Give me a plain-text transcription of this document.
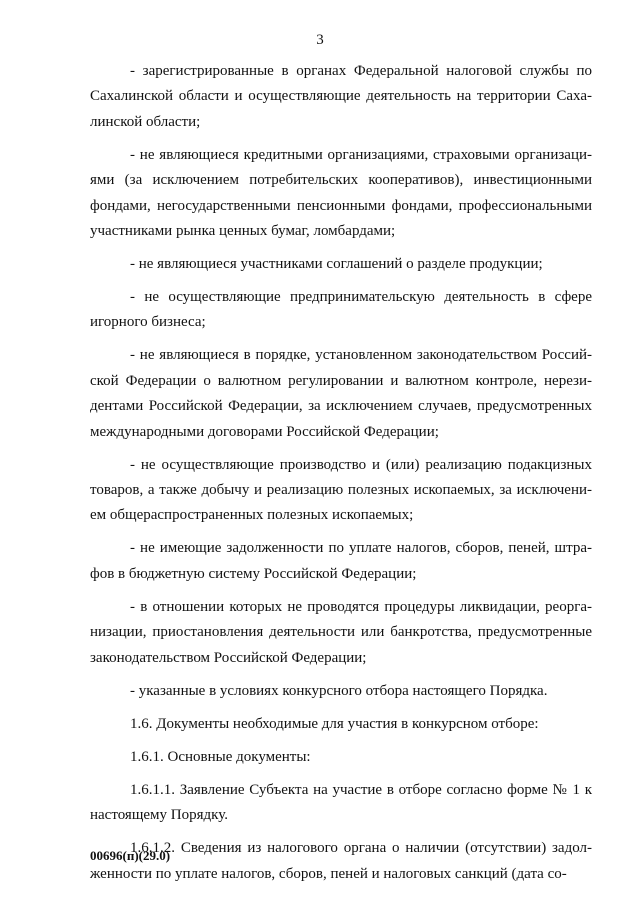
3
- зарегистрированные в органах Федеральной налоговой службы по
Сахалинской области и осуществляющие деятельность на территории Саха-
линской области;
- не являющиеся кредитными организациями, страховыми организаци-
ями (за исключением потребительских кооперативов), инвестиционными
фондами, негосударственными пенсионными фондами, профессиональными
участниками рынка ценных бумаг, ломбардами;
- не являющиеся участниками соглашений о разделе продукции;
- не осуществляющие предпринимательскую деятельность в сфере
игорного бизнеса;
- не являющиеся в порядке, установленном законодательством Россий-
ской Федерации о валютном регулировании и валютном контроле, нерези-
дентами Российской Федерации, за исключением случаев, предусмотренных
международными договорами Российской Федерации;
- не осуществляющие производство и (или) реализацию подакцизных
товаров, а также добычу и реализацию полезных ископаемых, за исключени-
ем общераспространенных полезных ископаемых;
- не имеющие задолженности по уплате налогов, сборов, пеней, штра-
фов в бюджетную систему Российской Федерации;
- в отношении которых не проводятся процедуры ликвидации, реорга-
низации, приостановления деятельности или банкротства, предусмотренные
законодательством Российской Федерации;
- указанные в условиях конкурсного отбора настоящего Порядка.
1.6. Документы необходимые для участия в конкурсном отборе:
1.6.1. Основные документы:
1.6.1.1. Заявление Субъекта на участие в отборе согласно форме № 1 к
настоящему Порядку.
1.6.1.2. Сведения из налогового органа о наличии (отсутствии) задол-
женности по уплате налогов, сборов, пеней и налоговых санкций (дата со-
00696(п)(29.0)
